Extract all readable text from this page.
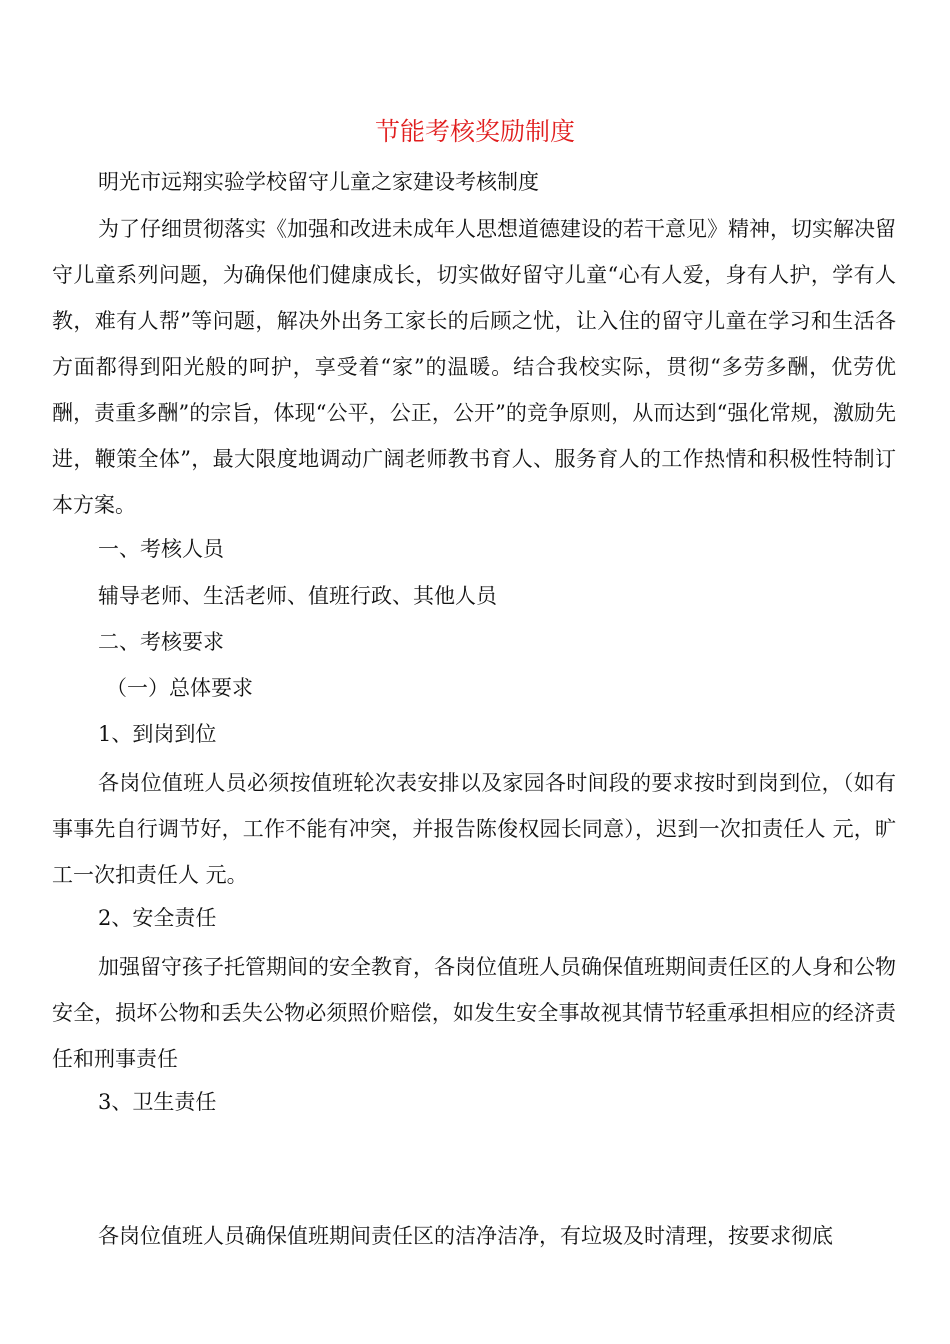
节能考核奖励制度
明光市远翔实验学校留守儿童之家建设考核制度
为了仔细贯彻落实《加强和改进未成年人思想道德建设的若干意见》精神，切实解决留守儿童系列问题，为确保他们健康成长，切实做好留守儿童“心有人爱，身有人护，学有人教，难有人帮”等问题，解决外出务工家长的后顾之忧，让入住的留守儿童在学习和生活各方面都得到阳光般的呵护，享受着“家”的温暖。结合我校实际，贯彻“多劳多酬，优劳优酬，责重多酬”的宗旨，体现“公平，公正，公开”的竞争原则，从而达到“强化常规，激励先进，鞭策全体”，最大限度地调动广阔老师教书育人、服务育人的工作热情和积极性特制订本方案。
一、考核人员
辅导老师、生活老师、值班行政、其他人员
二、考核要求
（一）总体要求
1、到岗到位
各岗位值班人员必须按值班轮次表安排以及家园各时间段的要求按时到岗到位，（如有事事先自行调节好，工作不能有冲突，并报告陈俊权园长同意），迟到一次扣责任人 元，旷工一次扣责任人 元。
2、安全责任
加强留守孩子托管期间的安全教育，各岗位值班人员确保值班期间责任区的人身和公物安全，损坏公物和丢失公物必须照价赔偿，如发生安全事故视其情节轻重承担相应的经济责任和刑事责任
3、卫生责任
各岗位值班人员确保值班期间责任区的洁净洁净，有垃圾及时清理，按要求彻底
